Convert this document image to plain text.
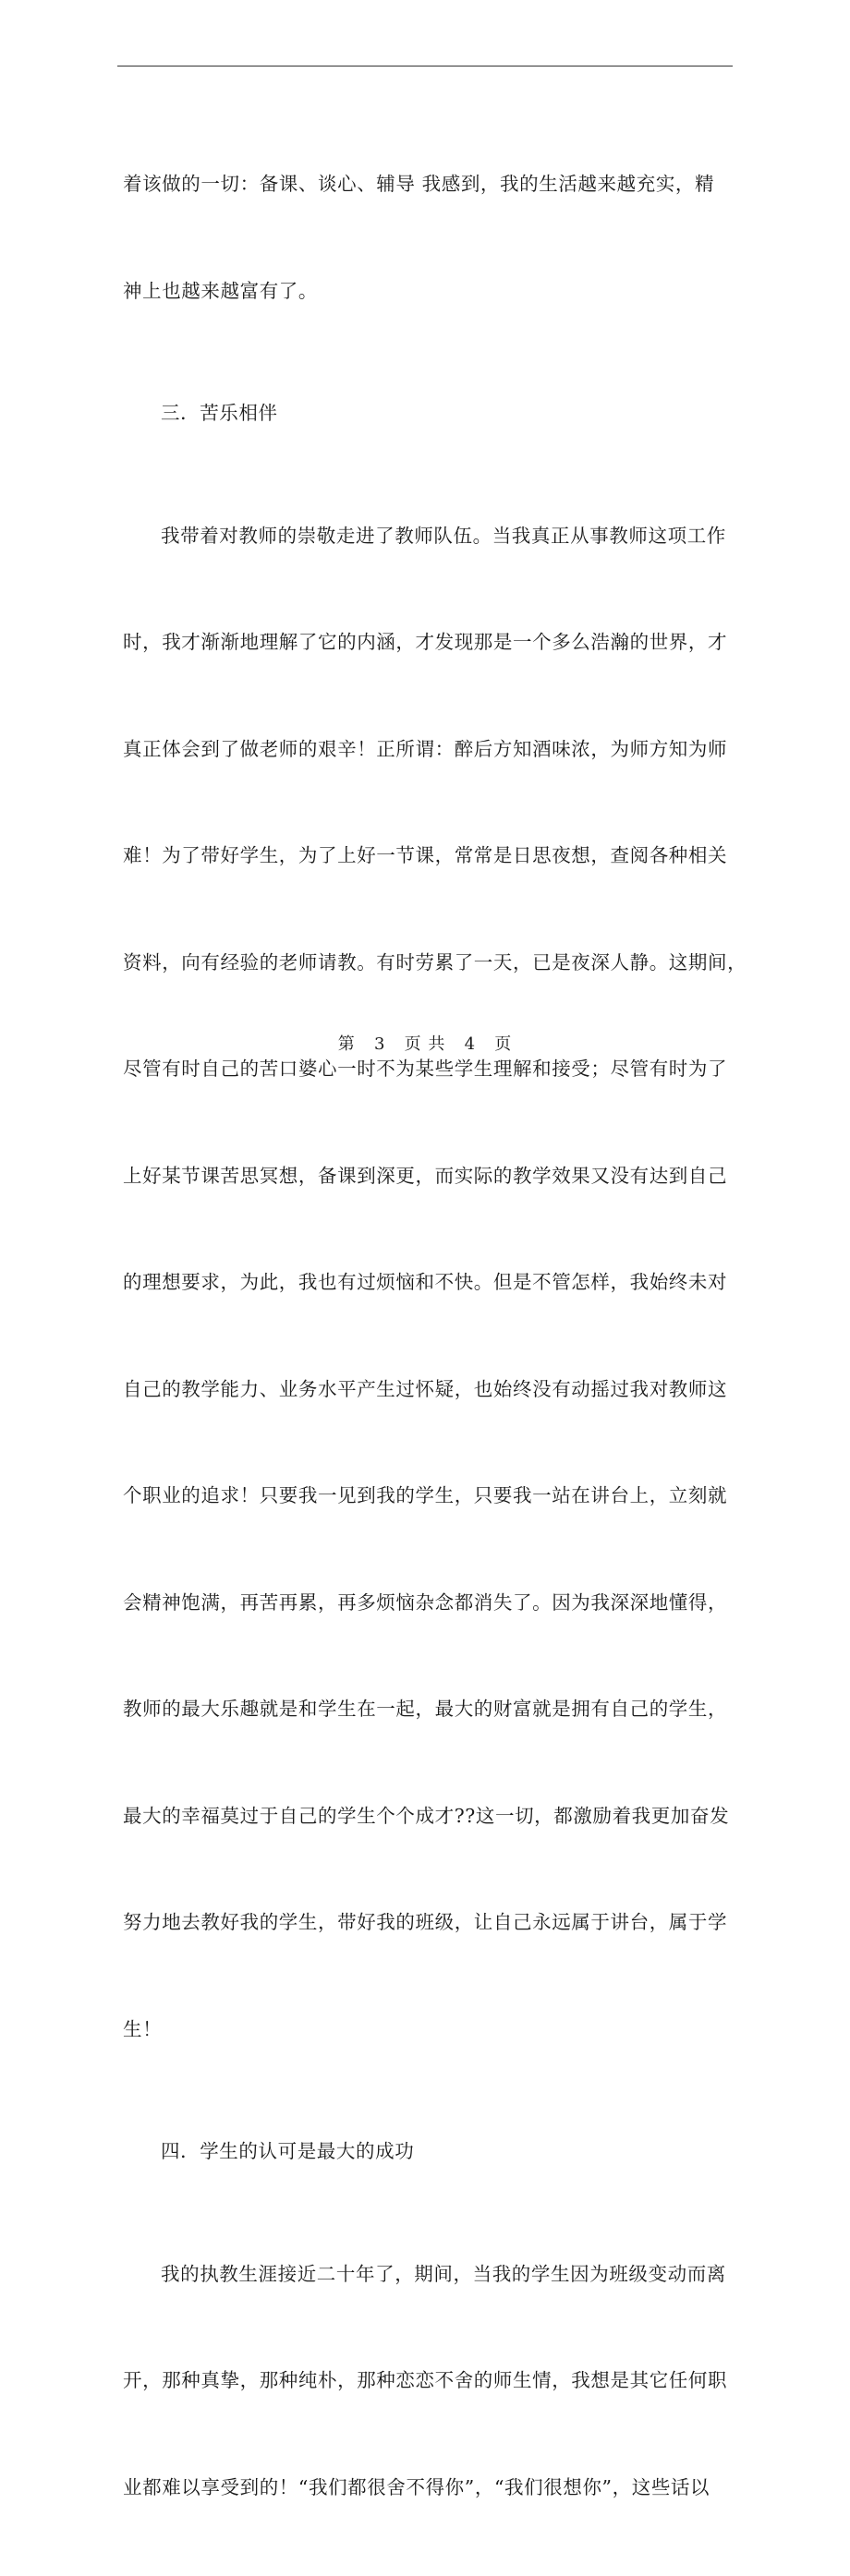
着该做的一切：备课、谈心、辅导 我感到，我的生活越来越充实，精

神上也越来越富有了。

三．苦乐相伴

我带着对教师的崇敬走进了教师队伍。当我真正从事教师这项工作

时，我才渐渐地理解了它的内涵，才发现那是一个多么浩瀚的世界，才

真正体会到了做老师的艰辛！正所谓：醉后方知酒味浓，为师方知为师

难！为了带好学生，为了上好一节课，常常是日思夜想，查阅各种相关

资料，向有经验的老师请教。有时劳累了一天，已是夜深人静。这期间，

尽管有时自己的苦口婆心一时不为某些学生理解和接受；尽管有时为了

上好某节课苦思冥想，备课到深更，而实际的教学效果又没有达到自己

的理想要求，为此，我也有过烦恼和不快。但是不管怎样，我始终未对

自己的教学能力、业务水平产生过怀疑，也始终没有动摇过我对教师这

个职业的追求！只要我一见到我的学生，只要我一站在讲台上，立刻就

会精神饱满，再苦再累，再多烦恼杂念都消失了。因为我深深地懂得，

教师的最大乐趣就是和学生在一起，最大的财富就是拥有自己的学生，

最大的幸福莫过于自己的学生个个成才??这一切，都激励着我更加奋发

努力地去教好我的学生，带好我的班级，让自己永远属于讲台，属于学

生！

四．学生的认可是最大的成功

我的执教生涯接近二十年了，期间，当我的学生因为班级变动而离

开，那种真挚，那种纯朴，那种恋恋不舍的师生情，我想是其它任何职

业都难以享受到的！“我们都很舍不得你”，“我们很想你”，这些话以

第 3 页 共 4 页
